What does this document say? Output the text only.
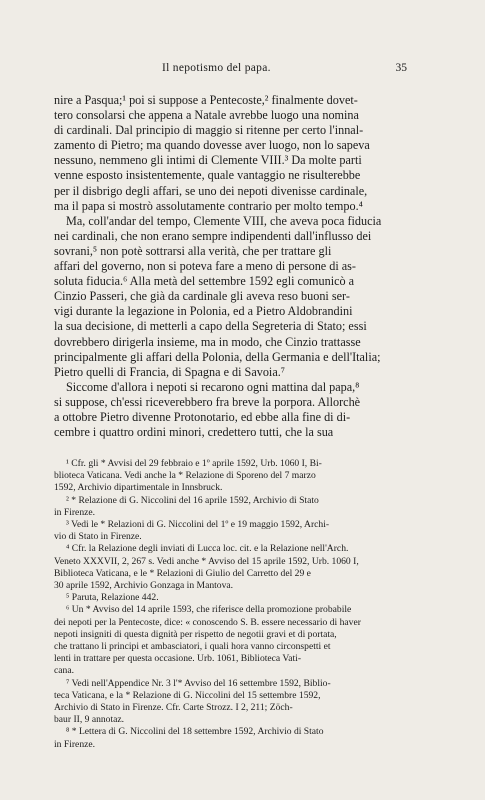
Il nepotismo del papa.	35
nire a Pasqua;¹ poi si suppose a Pentecoste,² finalmente dovet-
tero consolarsi che appena a Natale avrebbe luogo una nomina
di cardinali. Dal principio di maggio si ritenne per certo l'innal-
zamento di Pietro; ma quando dovesse aver luogo, non lo sapeva
nessuno, nemmeno gli intimi di Clemente VIII.³ Da molte parti
venne esposto insistentemente, quale vantaggio ne risulterebbe
per il disbrigo degli affari, se uno dei nepoti divenisse cardinale,
ma il papa si mostrò assolutamente contrario per molto tempo.⁴
Ma, coll'andar del tempo, Clemente VIII, che aveva poca fiducia
nei cardinali, che non erano sempre indipendenti dall'influsso dei
sovrani,⁵ non potè sottrarsi alla verità, che per trattare gli
affari del governo, non si poteva fare a meno di persone di as-
soluta fiducia.⁶ Alla metà del settembre 1592 egli comunicò a
Cinzio Passeri, che già da cardinale gli aveva reso buoni ser-
vigi durante la legazione in Polonia, ed a Pietro Aldobrandini
la sua decisione, di metterli a capo della Segreteria di Stato; essi
dovrebbero dirigerla insieme, ma in modo, che Cinzio trattasse
principalmente gli affari della Polonia, della Germania e dell'Italia;
Pietro quelli di Francia, di Spagna e di Savoia.⁷
Siccome d'allora i nepoti si recarono ogni mattina dal papa,⁸
si suppose, ch'essi riceverebbero fra breve la porpora. Allorchè
a ottobre Pietro divenne Protonotario, ed ebbe alla fine di di-
cembre i quattro ordini minori, credettero tutti, che la sua
¹ Cfr. gli * Avvisi del 29 febbraio e 1º aprile 1592, Urb. 1060 I, Bi-
blioteca Vaticana. Vedi anche la * Relazione di Sporeno del 7 marzo
1592, Archivio dipartimentale in Innsbruck.
² * Relazione di G. Niccolini del 16 aprile 1592, Archivio di Stato
in Firenze.
³ Vedi le * Relazioni di G. Niccolini del 1º e 19 maggio 1592, Archi-
vio di Stato in Firenze.
⁴ Cfr. la Relazione degli inviati di Lucca loc. cit. e la Relazione nell'Arch.
Veneto XXXVII, 2, 267 s. Vedi anche * Avviso del 15 aprile 1592, Urb. 1060 I,
Biblioteca Vaticana, e le * Relazioni di Giulio del Carretto del 29 e
30 aprile 1592, Archivio Gonzaga in Mantova.
⁵ Paruta, Relazione 442.
⁶ Un * Avviso del 14 aprile 1593, che riferisce della promozione probabile
dei nepoti per la Pentecoste, dice: « conoscendo S. B. essere necessario di haver
nepoti insigniti di questa dignità per rispetto de negotii gravi et di portata,
che trattano li principi et ambasciatori, i quali hora vanno circonspetti et
lenti in trattare per questa occasione. Urb. 1061, Biblioteca Vati-
cana.
⁷ Vedi nell'Appendice Nr. 3 l'* Avviso del 16 settembre 1592, Biblio-
teca Vaticana, e la * Relazione di G. Niccolini del 15 settembre 1592,
Archivio di Stato in Firenze. Cfr. Carte Strozz. I 2, 211; Zöch-
baur II, 9 annotaz.
⁸ * Lettera di G. Niccolini del 18 settembre 1592, Archivio di Stato
in Firenze.
